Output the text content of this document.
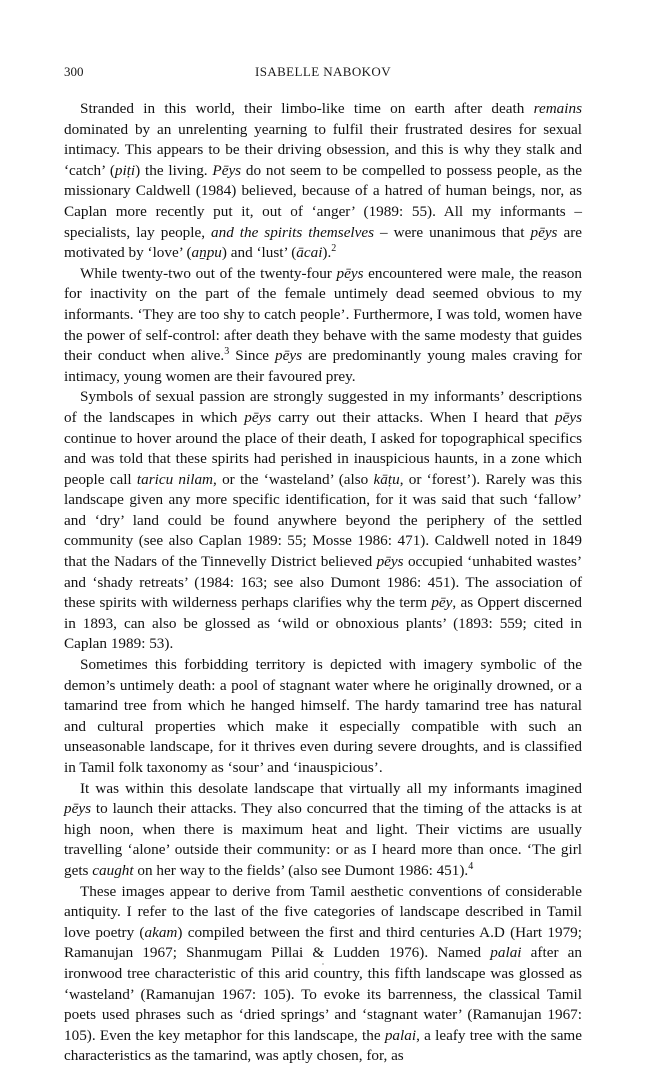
300	ISABELLE NABOKOV

Stranded in this world, their limbo-like time on earth after death remains dominated by an unrelenting yearning to fulfil their frustrated desires for sexual intimacy. This appears to be their driving obsession, and this is why they stalk and ‘catch’ (piṭi) the living. Pēys do not seem to be compelled to possess people, as the missionary Caldwell (1984) believed, because of a hatred of human beings, nor, as Caplan more recently put it, out of ‘anger’ (1989: 55). All my informants – specialists, lay people, and the spirits themselves – were unanimous that pēys are motivated by ‘love’ (aṉpu) and ‘lust’ (ācai).$^2$

While twenty-two out of the twenty-four pēys encountered were male, the reason for inactivity on the part of the female untimely dead seemed obvious to my informants. ‘They are too shy to catch people’. Furthermore, I was told, women have the power of self-control: after death they behave with the same modesty that guides their conduct when alive.$^3$ Since pēys are predominantly young males craving for intimacy, young women are their favoured prey.

Symbols of sexual passion are strongly suggested in my informants’ descriptions of the landscapes in which pēys carry out their attacks. When I heard that pēys continue to hover around the place of their death, I asked for topographical specifics and was told that these spirits had perished in inauspicious haunts, in a zone which people call taricu nilam, or the ‘wasteland’ (also kāṭu, or ‘forest’). Rarely was this landscape given any more specific identification, for it was said that such ‘fallow’ and ‘dry’ land could be found anywhere beyond the periphery of the settled community (see also Caplan 1989: 55; Mosse 1986: 471). Caldwell noted in 1849 that the Nadars of the Tinnevelly District believed pēys occupied ‘unhabited wastes’ and ‘shady retreats’ (1984: 163; see also Dumont 1986: 451). The association of these spirits with wilderness perhaps clarifies why the term pēy, as Oppert discerned in 1893, can also be glossed as ‘wild or obnoxious plants’ (1893: 559; cited in Caplan 1989: 53).

Sometimes this forbidding territory is depicted with imagery symbolic of the demon’s untimely death: a pool of stagnant water where he originally drowned, or a tamarind tree from which he hanged himself. The hardy tamarind tree has natural and cultural properties which make it especially compatible with such an unseasonable landscape, for it thrives even during severe droughts, and is classified in Tamil folk taxonomy as ‘sour’ and ‘inauspicious’.

It was within this desolate landscape that virtually all my informants imagined pēys to launch their attacks. They also concurred that the timing of the attacks is at high noon, when there is maximum heat and light. Their victims are usually travelling ‘alone’ outside their community: or as I heard more than once. ‘The girl gets caught on her way to the fields’ (also see Dumont 1986: 451).$^4$

These images appear to derive from Tamil aesthetic conventions of considerable antiquity. I refer to the last of the five categories of landscape described in Tamil love poetry (akam) compiled between the first and third centuries A.D (Hart 1979; Ramanujan 1967; Shanmugam Pillai & Ludden 1976). Named palai after an ironwood tree characteristic of this arid country, this fifth landscape was glossed as ‘wasteland’ (Ramanujan 1967: 105). To evoke its barrenness, the classical Tamil poets used phrases such as ‘dried springs’ and ‘stagnant water’ (Ramanujan 1967: 105). Even the key metaphor for this landscape, the palai, a leafy tree with the same characteristics as the tamarind, was aptly chosen, for, as
